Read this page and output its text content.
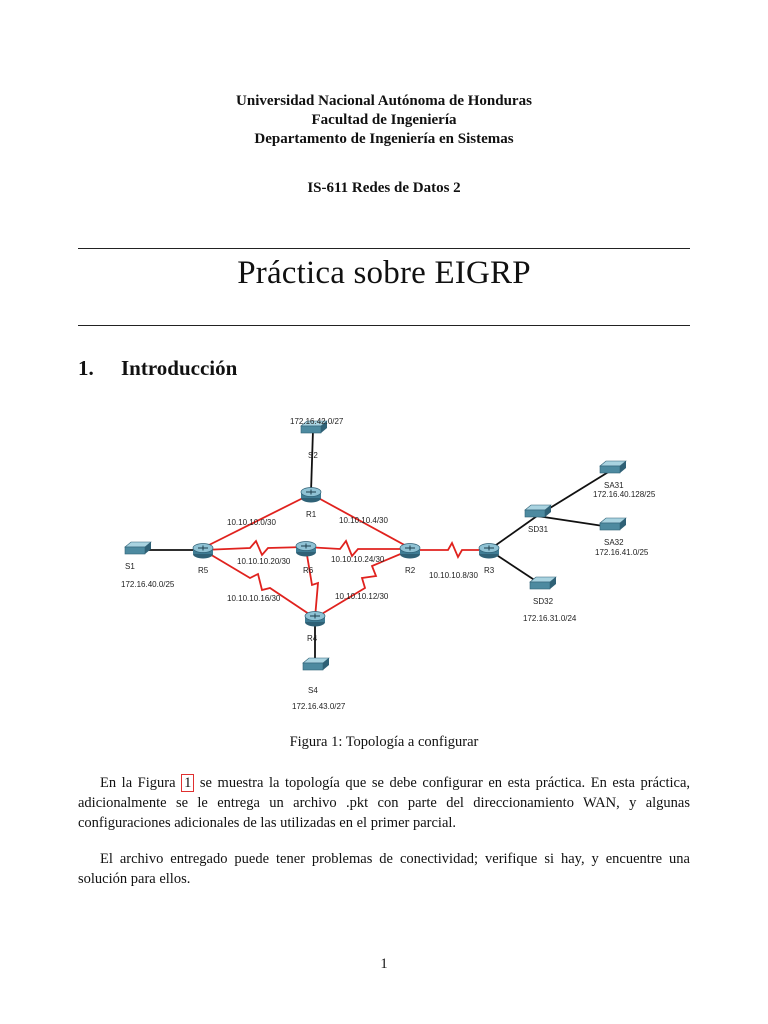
Universidad Nacional Autónoma de Honduras
Facultad de Ingeniería
Departamento de Ingeniería en Sistemas
IS-611 Redes de Datos 2
Práctica sobre EIGRP
1. Introducción
S2
R1
R5	R6	R2	R3
R4
S1
S4
SD31
SD32
SA31
SA32
172.16.42.0/27
172.16.40.0/25
172.16.43.0/27
172.16.40.128/25
172.16.41.0/25
172.16.31.0/24
10.10.10.0/30	10.10.10.4/30
10.10.10.20/30	10.10.10.24/30
10.10.10.16/30	10.10.10.12/30
10.10.10.8/30
Figura 1: Topología a configurar
En la Figura 1 se muestra la topología que se debe configurar en esta práctica. En esta práctica, adicionalmente se le entrega un archivo .pkt con parte del direccionamiento WAN, y algunas configuraciones adicionales de las utilizadas en el primer parcial.
El archivo entregado puede tener problemas de conectividad; verifique si hay, y encuentre una solución para ellos.
1
